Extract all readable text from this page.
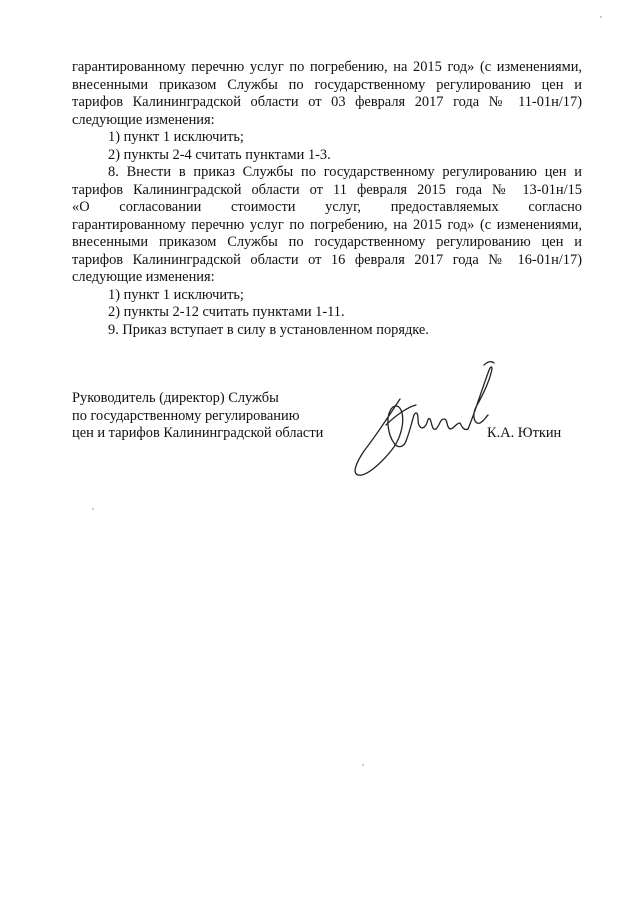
гарантированному перечню услуг по погребению, на 2015 год» (с изменениями,
внесенными приказом Службы по государственному регулированию цен и
тарифов Калининградской области от 03 февраля 2017 года № 11-01н/17)
следующие изменения:
1) пункт 1 исключить;
2) пункты 2-4 считать пунктами 1-3.
8. Внести в приказ Службы по государственному регулированию цен и
тарифов Калининградской области от 11 февраля 2015 года № 13-01н/15
«О согласовании стоимости услуг, предоставляемых согласно
гарантированному перечню услуг по погребению, на 2015 год» (с изменениями,
внесенными приказом Службы по государственному регулированию цен и
тарифов Калининградской области от 16 февраля 2017 года № 16-01н/17)
следующие изменения:
1) пункт 1 исключить;
2) пункты 2-12 считать пунктами 1-11.
9. Приказ вступает в силу в установленном порядке.
Руководитель (директор) Службы
по государственному регулированию
цен и тарифов Калининградской области	К.А. Юткин
